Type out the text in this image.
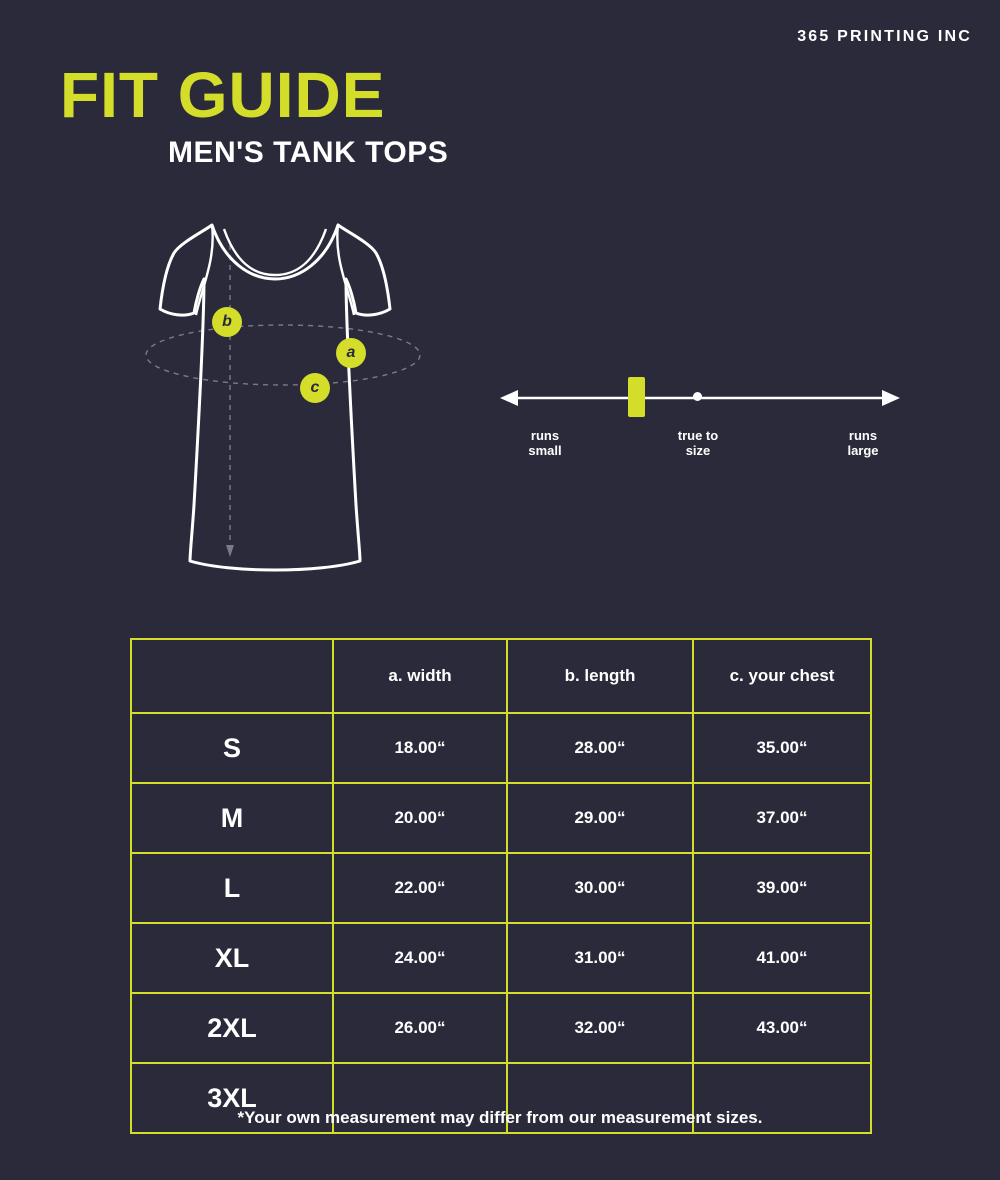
365 PRINTING INC
FIT GUIDE
MEN'S TANK TOPS
a
b
c
runs
small
true to
size
runs
large
	a. width	b. length	c. your chest
S	18.00“	28.00“	35.00“
M	20.00“	29.00“	37.00“
L	22.00“	30.00“	39.00“
XL	24.00“	31.00“	41.00“
2XL	26.00“	32.00“	43.00“
3XL			
*Your own measurement may differ from our measurement sizes.
